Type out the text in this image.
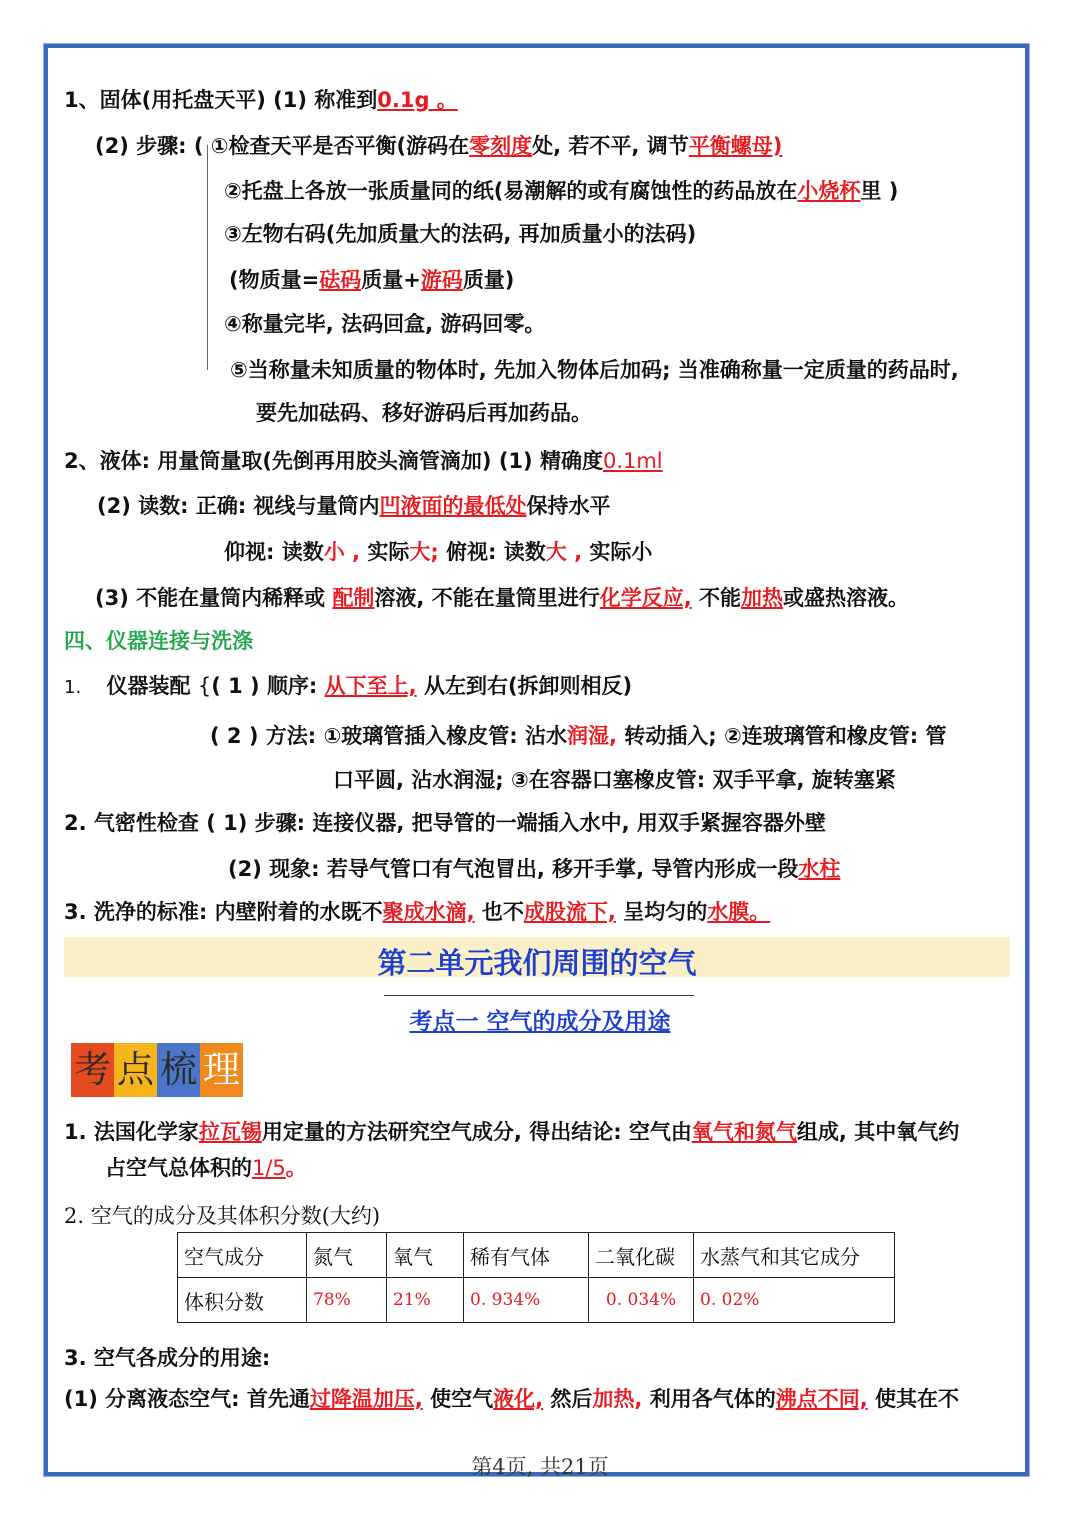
1、固体(用托盘天平) (1) 称准到0.1g 。
(2) 步骤: ( ①检查天平是否平衡(游码在零刻度处, 若不平, 调节平衡螺母)
②托盘上各放一张质量同的纸(易潮解的或有腐蚀性的药品放在小烧杯里 )
③左物右码(先加质量大的法码, 再加质量小的法码)
(物质量=砝码质量+游码质量)
④称量完毕, 法码回盒, 游码回零。
⑤当称量未知质量的物体时, 先加入物体后加码; 当准确称量一定质量的药品时,
要先加砝码、移好游码后再加药品。
2、液体: 用量筒量取(先倒再用胶头滴管滴加) (1) 精确度0.1ml
(2) 读数: 正确: 视线与量筒内凹液面的最低处保持水平
仰视: 读数小 , 实际大; 俯视: 读数大 , 实际小
(3) 不能在量筒内稀释或 配制溶液, 不能在量筒里进行化学反应, 不能加热或盛热溶液。
四、仪器连接与洗涤
1. 仪器装配 {( 1 ) 顺序: 从下至上, 从左到右(拆卸则相反)
( 2 ) 方法: ①玻璃管插入橡皮管: 沾水润湿, 转动插入; ②连玻璃管和橡皮管: 管
口平圆, 沾水润湿; ③在容器口塞橡皮管: 双手平拿, 旋转塞紧
2. 气密性检查 ( 1) 步骤: 连接仪器, 把导管的一端插入水中, 用双手紧握容器外壁
(2) 现象: 若导气管口有气泡冒出, 移开手掌, 导管内形成一段水柱
3. 洗净的标准: 内壁附着的水既不聚成水滴, 也不成股流下, 呈均匀的水膜。
第二单元我们周围的空气
考点一 空气的成分及用途
考 点 梳 理
1. 法国化学家拉瓦锡用定量的方法研究空气成分, 得出结论: 空气由氧气和氮气组成, 其中氧气约
占空气总体积的1/5。
2. 空气的成分及其体积分数(大约)
空气成分	氮气	氧气	稀有气体	二氧化碳	水蒸气和其它成分
体积分数	78%	21%	0. 934%	0. 034%	0. 02%
3. 空气各成分的用途:
(1) 分离液态空气: 首先通过降温加压, 使空气液化, 然后加热, 利用各气体的沸点不同, 使其在不
第4页, 共21页
